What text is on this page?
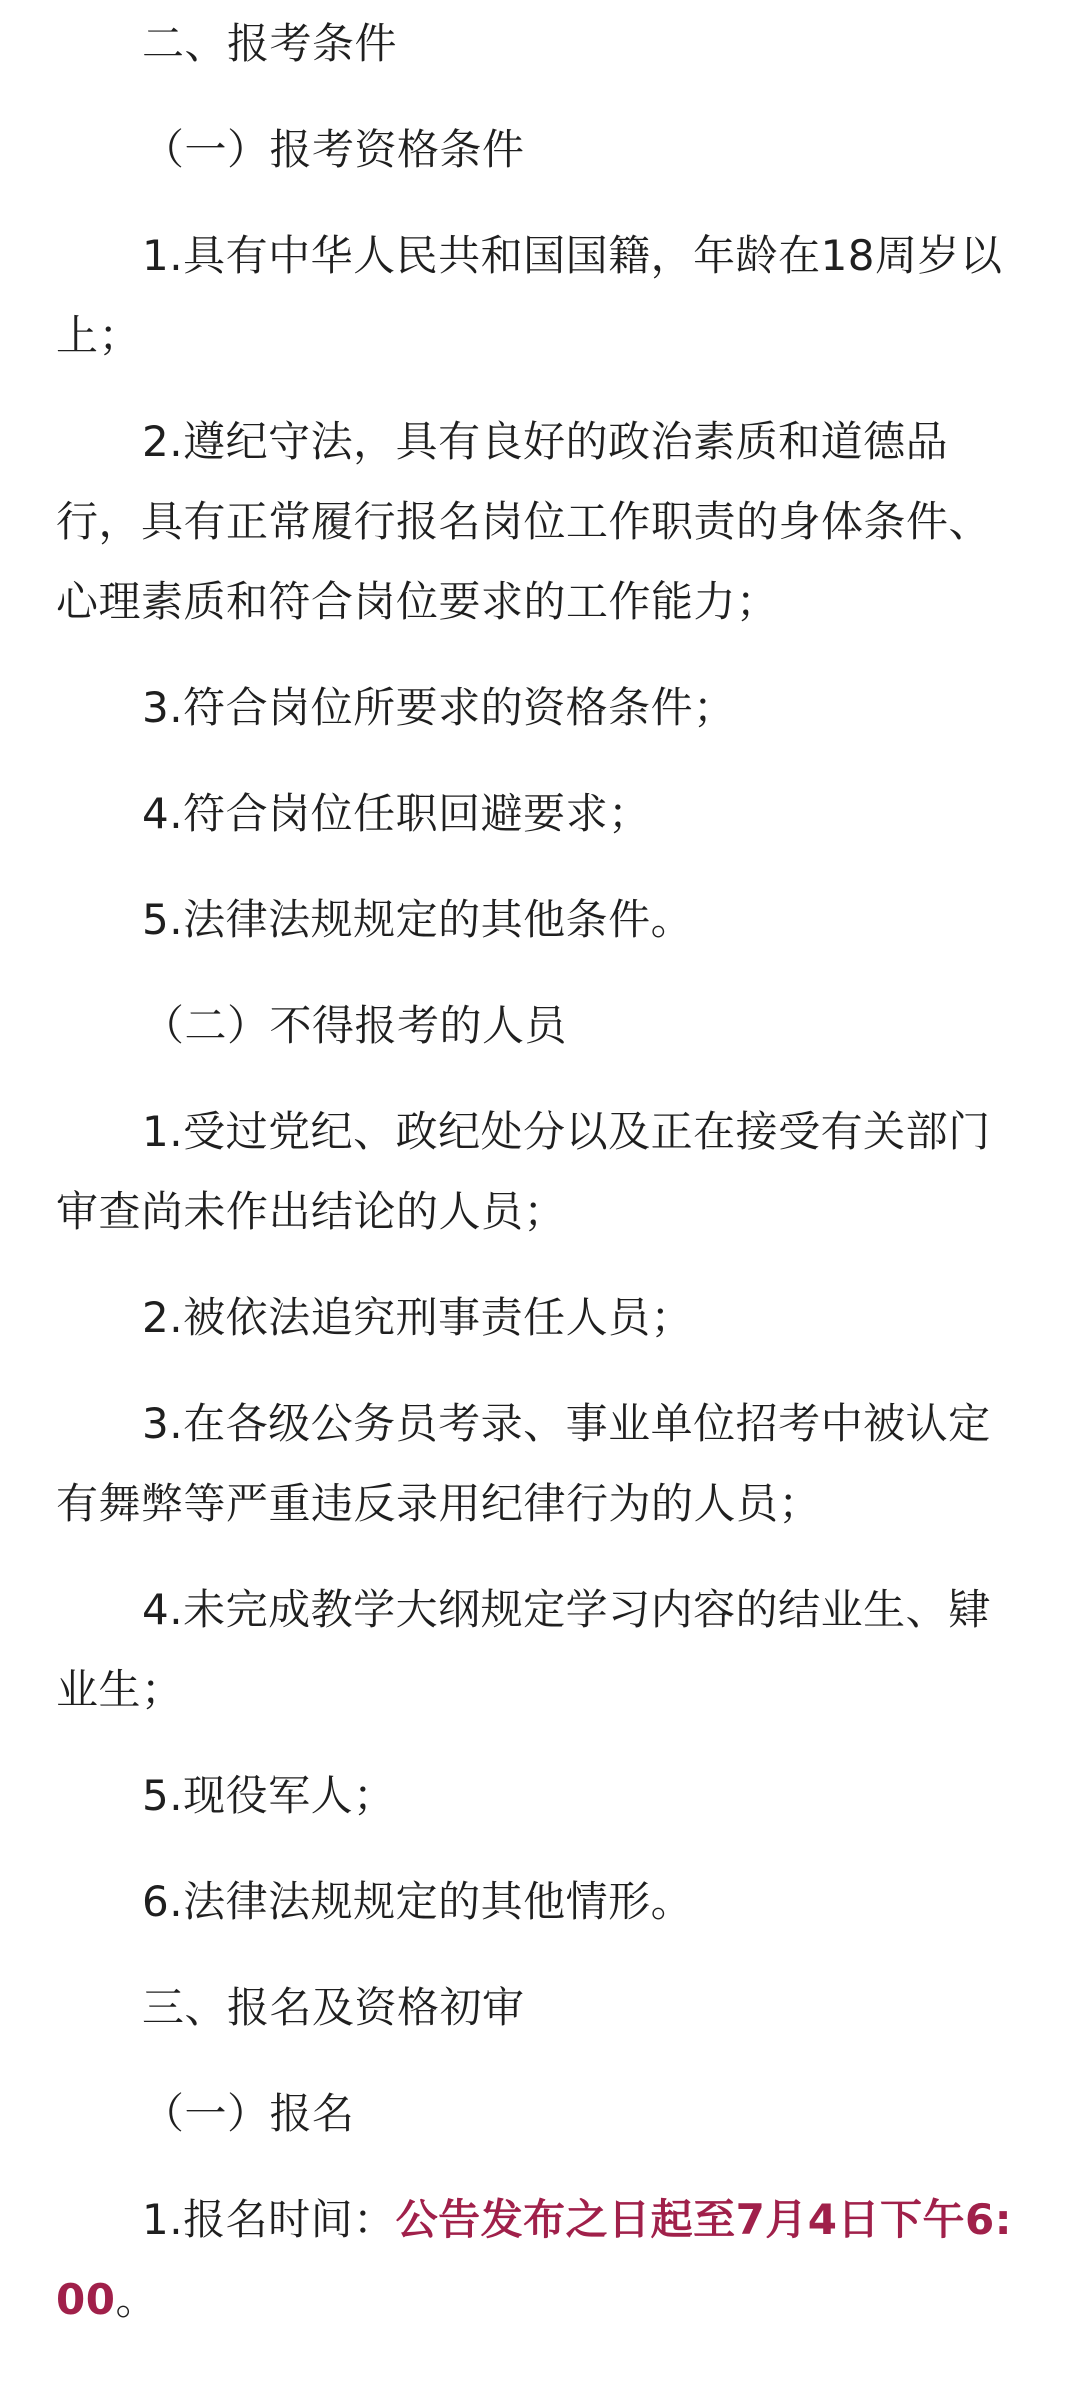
二、报考条件

（一）报考资格条件

1.具有中华人民共和国国籍，年龄在18周岁以上；

2.遵纪守法，具有良好的政治素质和道德品行，具有正常履行报名岗位工作职责的身体条件、心理素质和符合岗位要求的工作能力；

3.符合岗位所要求的资格条件；

4.符合岗位任职回避要求；

5.法律法规规定的其他条件。

（二）不得报考的人员

1.受过党纪、政纪处分以及正在接受有关部门审查尚未作出结论的人员；

2.被依法追究刑事责任人员；

3.在各级公务员考录、事业单位招考中被认定有舞弊等严重违反录用纪律行为的人员；

4.未完成教学大纲规定学习内容的结业生、肄业生；

5.现役军人；

6.法律法规规定的其他情形。

三、报名及资格初审

（一）报名

1.报名时间：公告发布之日起至7月4日下午6:00。
